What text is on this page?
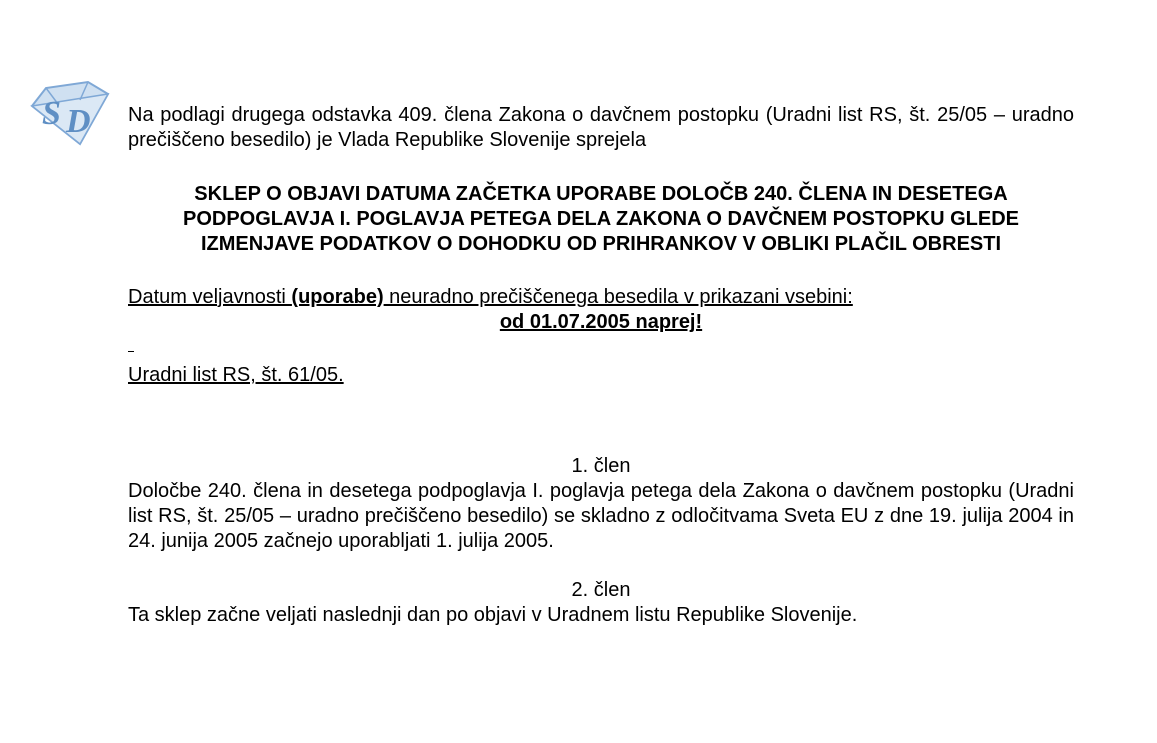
S D Na podlagi drugega odstavka 409. člena Zakona o davčnem postopku (Uradni list RS, št. 25/05 – uradno prečiščeno besedilo) je Vlada Republike Slovenije sprejela

SKLEP O OBJAVI DATUMA ZAČETKA UPORABE DOLOČB 240. ČLENA IN DESETEGA PODPOGLAVJA I. POGLAVJA PETEGA DELA ZAKONA O DAVČNEM POSTOPKU GLEDE IZMENJAVE PODATKOV O DOHODKU OD PRIHRANKOV V OBLIKI PLAČIL OBRESTI
Datum veljavnosti (uporabe) neuradno prečiščenega besedila v prikazani vsebini:
od 01.07.2005 naprej!
Uradni list RS, št. 61/05.
1. člen

Določbe 240. člena in desetega podpoglavja I. poglavja petega dela Zakona o davčnem postopku (Uradni list RS, št. 25/05 – uradno prečiščeno besedilo) se skladno z odločitvama Sveta EU z dne 19. julija 2004 in 24. junija 2005 začnejo uporabljati 1. julija 2005.

2. člen

Ta sklep začne veljati naslednji dan po objavi v Uradnem listu Republike Slovenije.
